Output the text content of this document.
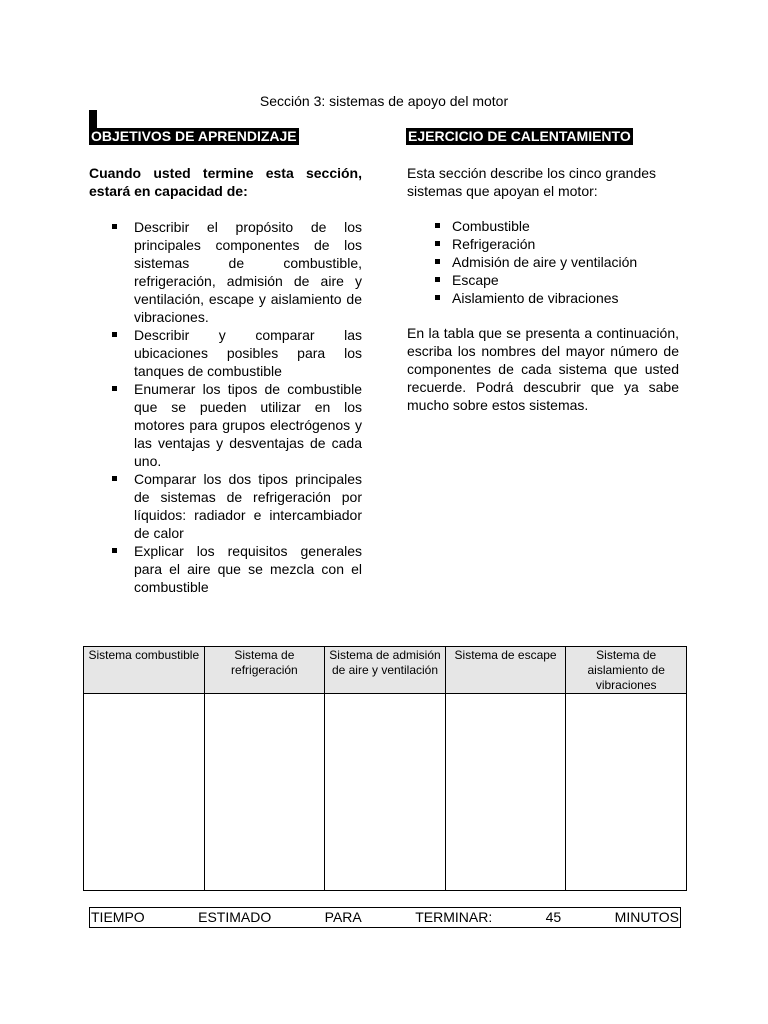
Sección 3: sistemas de apoyo del motor
OBJETIVOS DE APRENDIZAJE	EJERCICIO DE CALENTAMIENTO

Cuando usted termine esta sección, estará en capacidad de:

Describir el propósito de los principales componentes de los sistemas de combustible, refrigeración, admisión de aire y ventilación, escape y aislamiento de vibraciones.
Describir y comparar las ubicaciones posibles para los tanques de combustible
Enumerar los tipos de combustible que se pueden utilizar en los motores para grupos electrógenos y las ventajas y desventajas de cada uno.
Comparar los dos tipos principales de sistemas de refrigeración por líquidos: radiador e intercambiador de calor
Explicar los requisitos generales para el aire que se mezcla con el combustible

Esta sección describe los cinco grandes sistemas que apoyan el motor:

Combustible
Refrigeración
Admisión de aire y ventilación
Escape
Aislamiento de vibraciones

En la tabla que se presenta a continuación, escriba los nombres del mayor número de componentes de cada sistema que usted recuerde. Podrá descubrir que ya sabe mucho sobre estos sistemas.

Sistema combustible	Sistema de refrigeración	Sistema de admisión de aire y ventilación	Sistema de escape	Sistema de aislamiento de vibraciones

TIEMPO	ESTIMADO	PARA	TERMINAR:	45	MINUTOS
